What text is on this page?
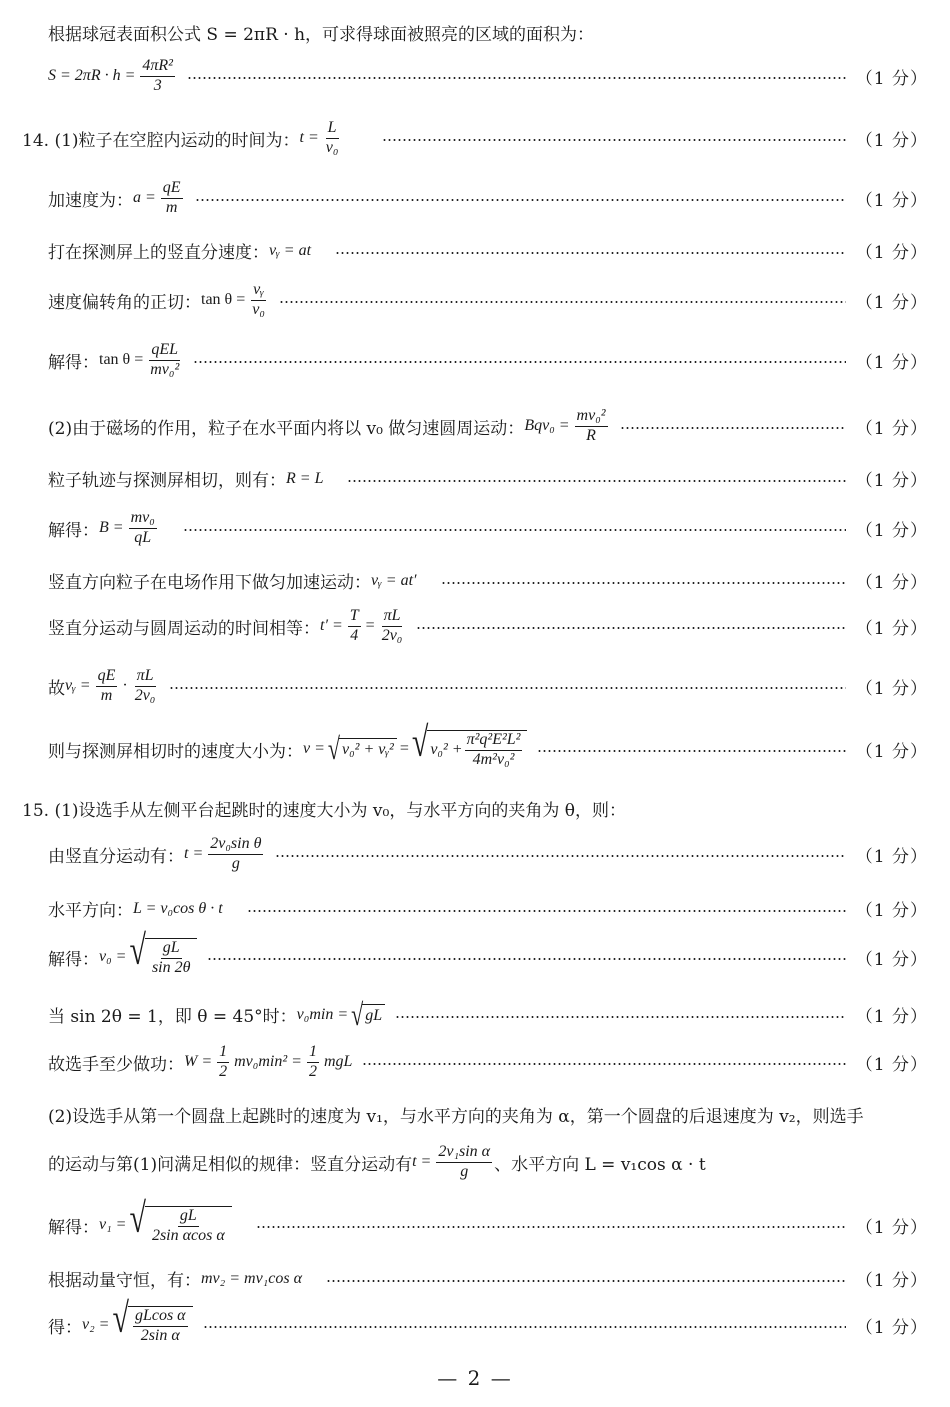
根据球冠表面积公式 S = 2πR · h，可求得球面被照亮的区域的面积为：
$S = 2\pi R \cdot h = \frac{\text{4πR²}}{3}$	（1 分）
14. (1)粒子在空腔内运动的时间为： $t = \frac{L}{\text{v₀}}$	（1 分）
加速度为： $a = \frac{qE}{m}$	（1 分）
打在探测屏上的竖直分速度： vᵧ = at	（1 分）
速度偏转角的正切： $\tan \theta = \frac{\text{vᵧ}}{\text{v₀}}$	（1 分）
解得： $\tan \theta = \frac{\text{qEL}}{\text{mv₀²}}$	（1 分）
(2)由于磁场的作用，粒子在水平面内将以 v₀ 做匀速圆周运动： $Bqv_0 = \frac{\text{mv₀²}}{R}$	（1 分）
粒子轨迹与探测屏相切，则有： R = L	（1 分）
解得： $B = \frac{\text{mv₀}}{qL}$	（1 分）
竖直方向粒子在电场作用下做匀加速运动： vᵧ = at′	（1 分）
竖直分运动与圆周运动的时间相等： $t' = \frac{T}{4} = \frac{\pi L}{\text{2v₀}}$	（1 分）
故 vᵧ = $\frac{qE}{m} \cdot \frac{\pi L}{\text{2v₀}}$	（1 分）
则与探测屏相切时的速度大小为： v = √ v₀² + vᵧ² = √ $v_0^2 + \frac{\text{π²q²E²L²}}{\text{4m²v₀²}}$	（1 分）
15. (1)设选手从左侧平台起跳时的速度大小为 v₀，与水平方向的夹角为 θ，则：
由竖直分运动有： $t = \frac{\text{2v₀sin θ}}{g}$	（1 分）
水平方向： L = v₀cos θ · t	（1 分）
解得： v₀ = √ $\frac{gL}{\sin 2\theta}$	（1 分）
当 sin 2θ = 1，即 θ = 45°时： v₀min = √ gL	（1 分）
故选手至少做功： $W = \frac{1}{2} mv_0\min^2 = \frac{1}{2}$ mgL	（1 分）
(2)设选手从第一个圆盘上起跳时的速度为 v₁，与水平方向的夹角为 α，第一个圆盘的后退速度为 v₂，则选手
的运动与第(1)问满足相似的规律：竖直分运动有 $t = \frac{\text{2v₁sin α}}{g}$ 、水平方向 L = v₁cos α · t
解得： v₁ = √ $\frac{gL}{\text{2sin αcos α}}$	（1 分）
根据动量守恒，有： mv₂ = mv₁cos α	（1 分）
得： v₂ = √ $\frac{\text{gLcos α}}{\text{2sin α}}$	（1 分）
— 2 —
